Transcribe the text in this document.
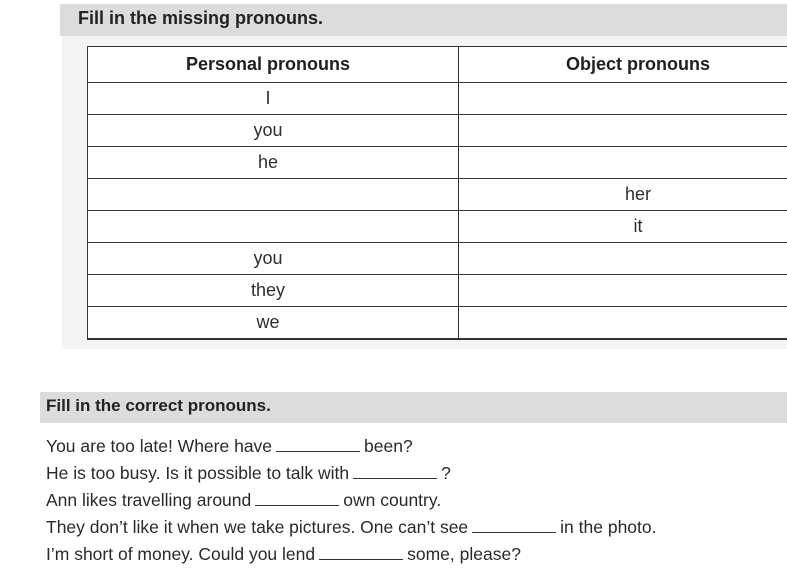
Fill in the missing pronouns.
Personal pronouns	Object pronouns
I	
you	
he	
	her
	it
you	
they	
we	
Fill in the correct pronouns.
You are too late! Where have	been?
He is too busy. Is it possible to talk with	?
Ann likes travelling around	own country.
They don’t like it when we take pictures. One can’t see	in the photo.
I’m short of money. Could you lend	some, please?
